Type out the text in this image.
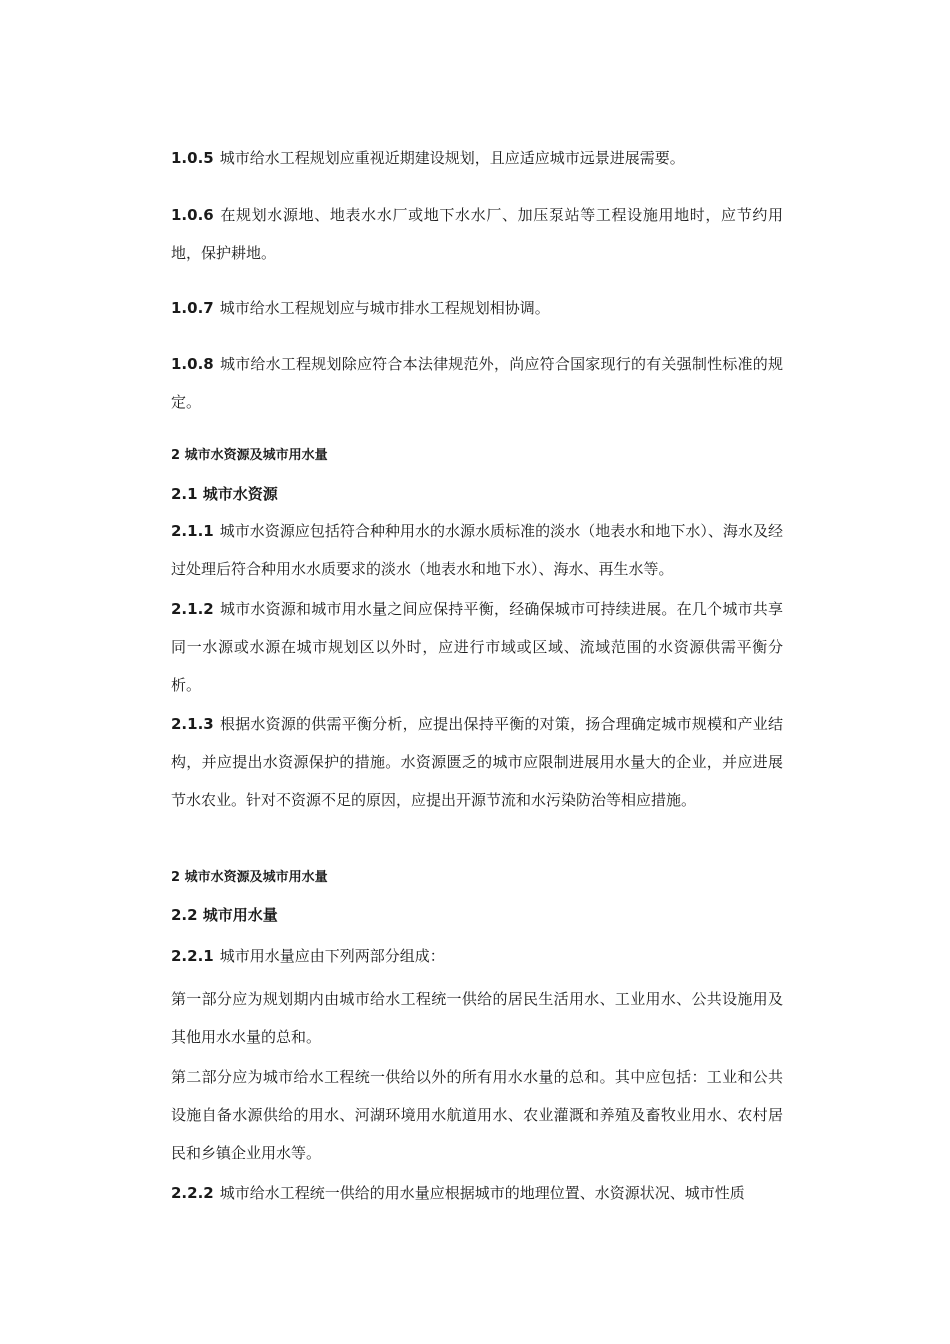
1.0.5 城市给水工程规划应重视近期建设规划，且应适应城市远景进展需要。

1.0.6 在规划水源地、地表水水厂或地下水水厂、加压泵站等工程设施用地时，应节约用地，保护耕地。

1.0.7 城市给水工程规划应与城市排水工程规划相协调。

1.0.8 城市给水工程规划除应符合本法律规范外，尚应符合国家现行的有关强制性标准的规定。

2 城市水资源及城市用水量

2.1 城市水资源

2.1.1 城市水资源应包括符合种种用水的水源水质标准的淡水（地表水和地下水）、海水及经过处理后符合种用水水质要求的淡水（地表水和地下水）、海水、再生水等。

2.1.2 城市水资源和城市用水量之间应保持平衡，经确保城市可持续进展。在几个城市共享同一水源或水源在城市规划区以外时，应进行市域或区域、流域范围的水资源供需平衡分析。

2.1.3 根据水资源的供需平衡分析，应提出保持平衡的对策，扬合理确定城市规模和产业结构，并应提出水资源保护的措施。水资源匮乏的城市应限制进展用水量大的企业，并应进展节水农业。针对不资源不足的原因，应提出开源节流和水污染防治等相应措施。

2 城市水资源及城市用水量

2.2 城市用水量

2.2.1 城市用水量应由下列两部分组成：

第一部分应为规划期内由城市给水工程统一供给的居民生活用水、工业用水、公共设施用及其他用水水量的总和。

第二部分应为城市给水工程统一供给以外的所有用水水量的总和。其中应包括：工业和公共设施自备水源供给的用水、河湖环境用水航道用水、农业灌溉和养殖及畜牧业用水、农村居民和乡镇企业用水等。

2.2.2 城市给水工程统一供给的用水量应根据城市的地理位置、水资源状况、城市性质
